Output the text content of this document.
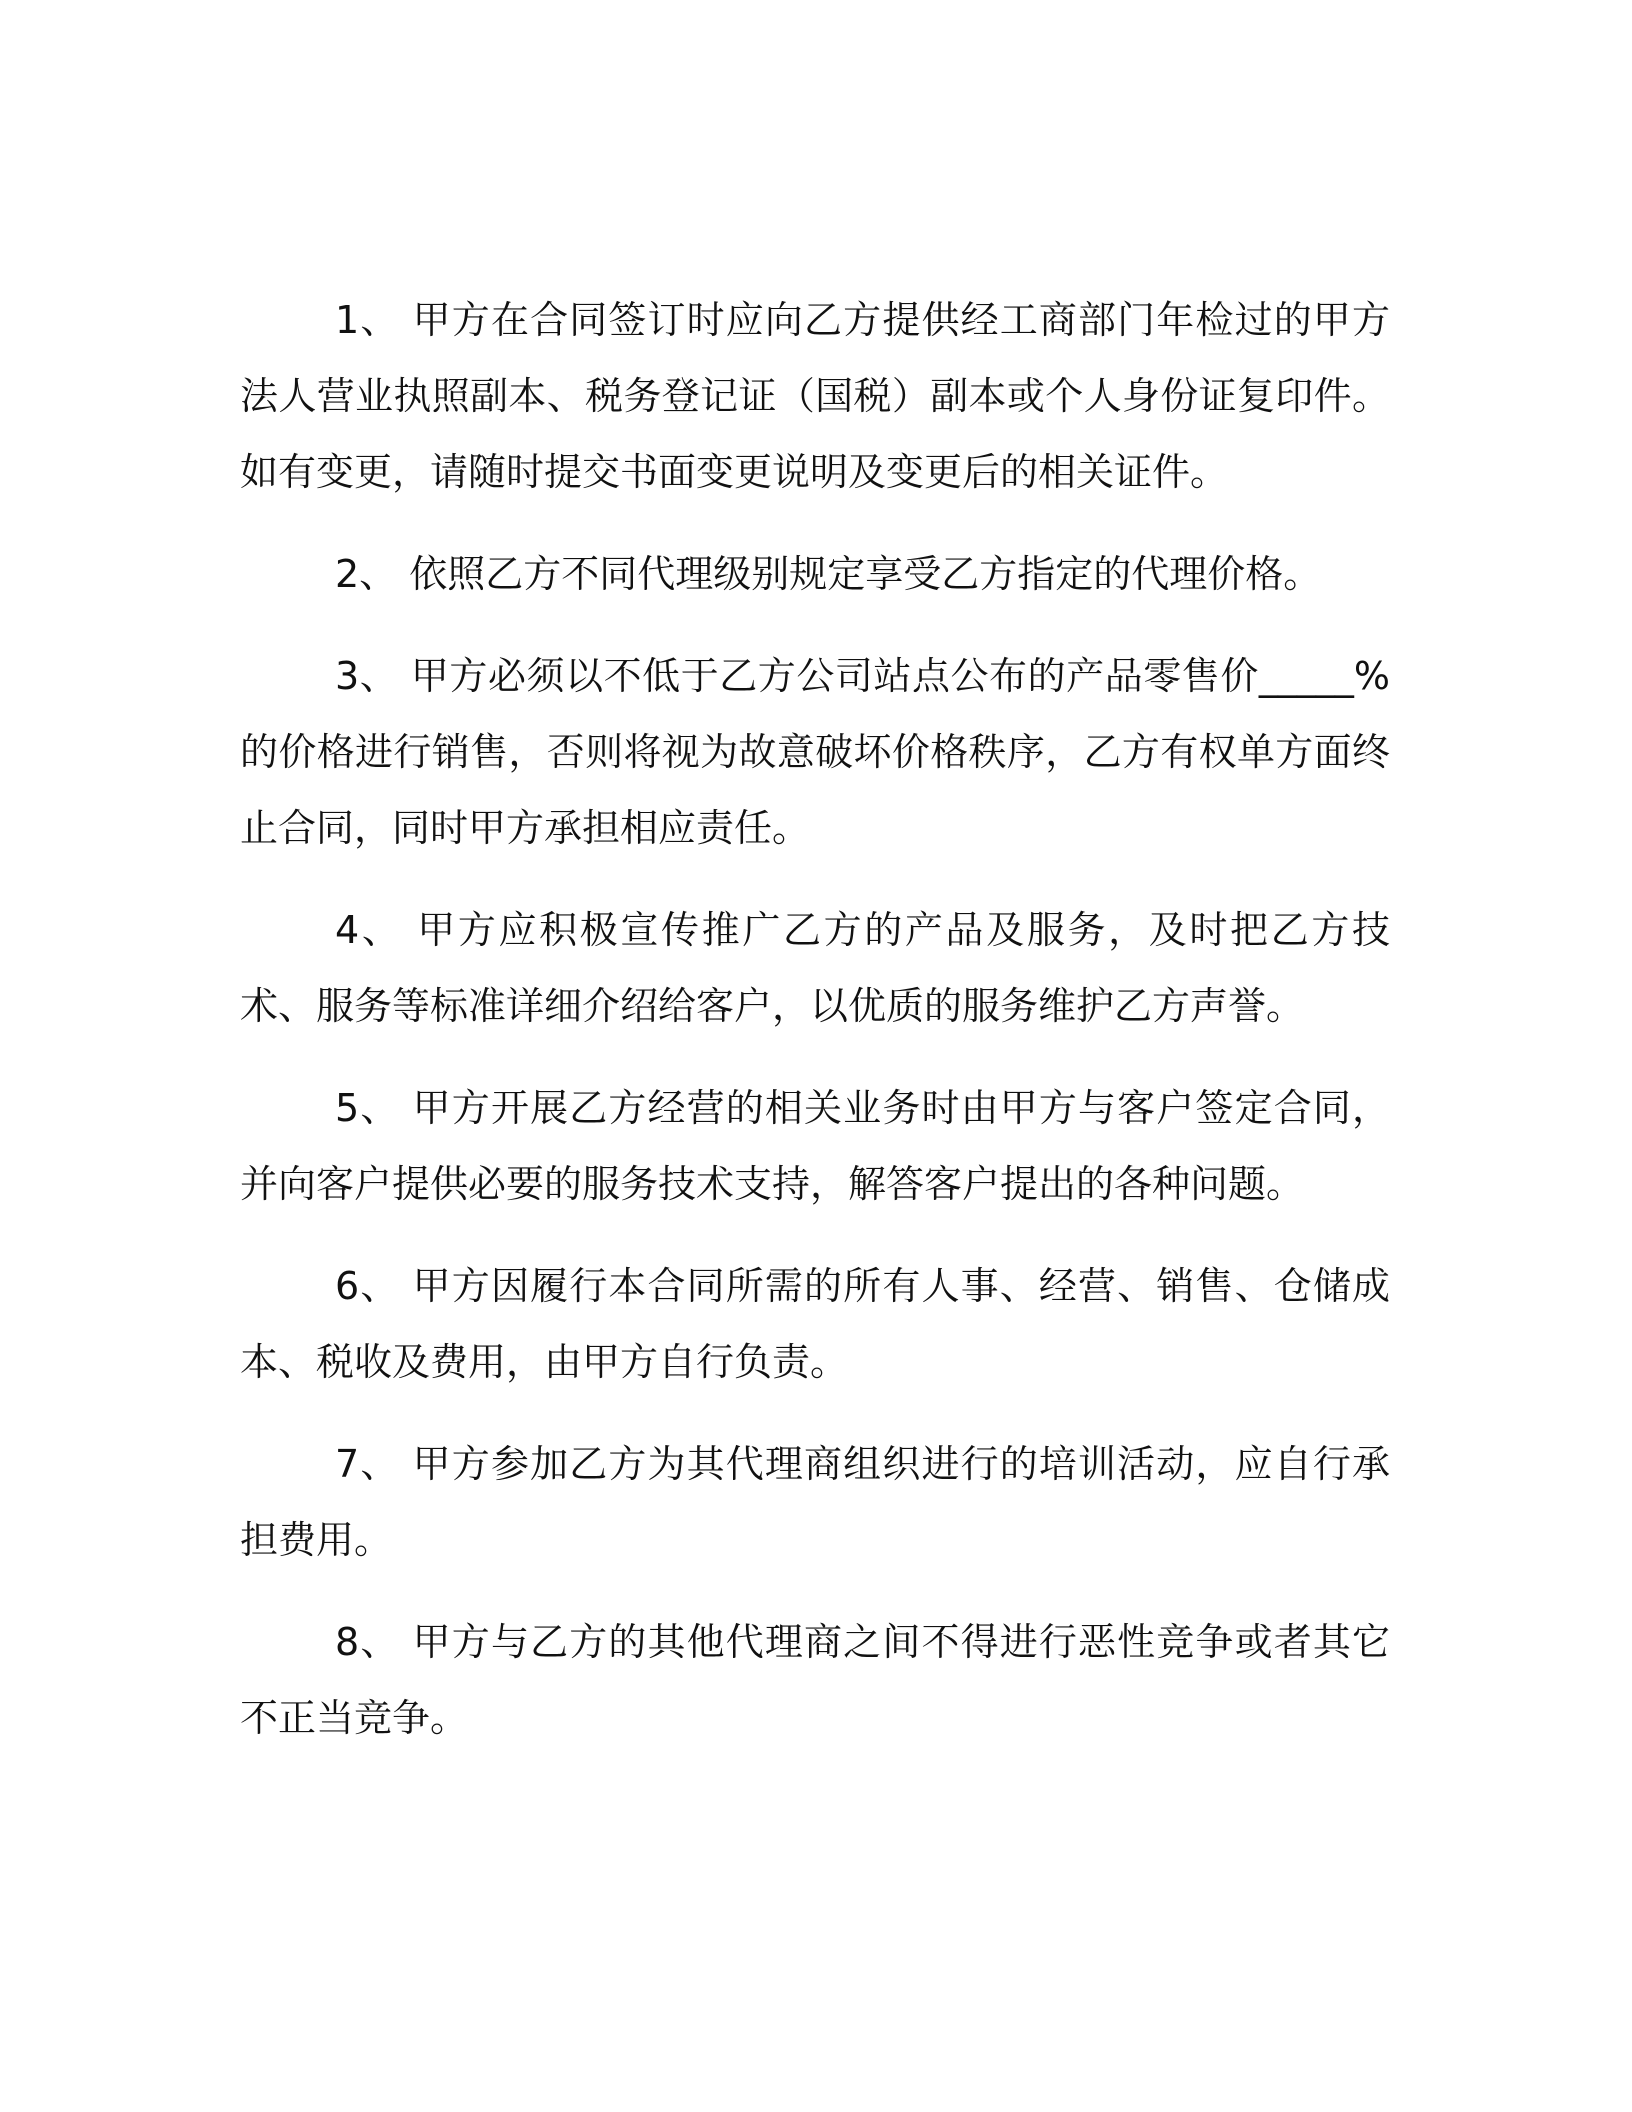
1、 甲方在合同签订时应向乙方提供经工商部门年检过的甲方法人营业执照副本、税务登记证（国税）副本或个人身份证复印件。如有变更，请随时提交书面变更说明及变更后的相关证件。

2、 依照乙方不同代理级别规定享受乙方指定的代理价格。

3、 甲方必须以不低于乙方公司站点公布的产品零售价_____%的价格进行销售，否则将视为故意破坏价格秩序，乙方有权单方面终止合同，同时甲方承担相应责任。

4、 甲方应积极宣传推广乙方的产品及服务，及时把乙方技术、服务等标准详细介绍给客户，以优质的服务维护乙方声誉。

5、 甲方开展乙方经营的相关业务时由甲方与客户签定合同，并向客户提供必要的服务技术支持，解答客户提出的各种问题。

6、 甲方因履行本合同所需的所有人事、经营、销售、仓储成本、税收及费用，由甲方自行负责。

7、 甲方参加乙方为其代理商组织进行的培训活动，应自行承担费用。

8、 甲方与乙方的其他代理商之间不得进行恶性竞争或者其它不正当竞争。
